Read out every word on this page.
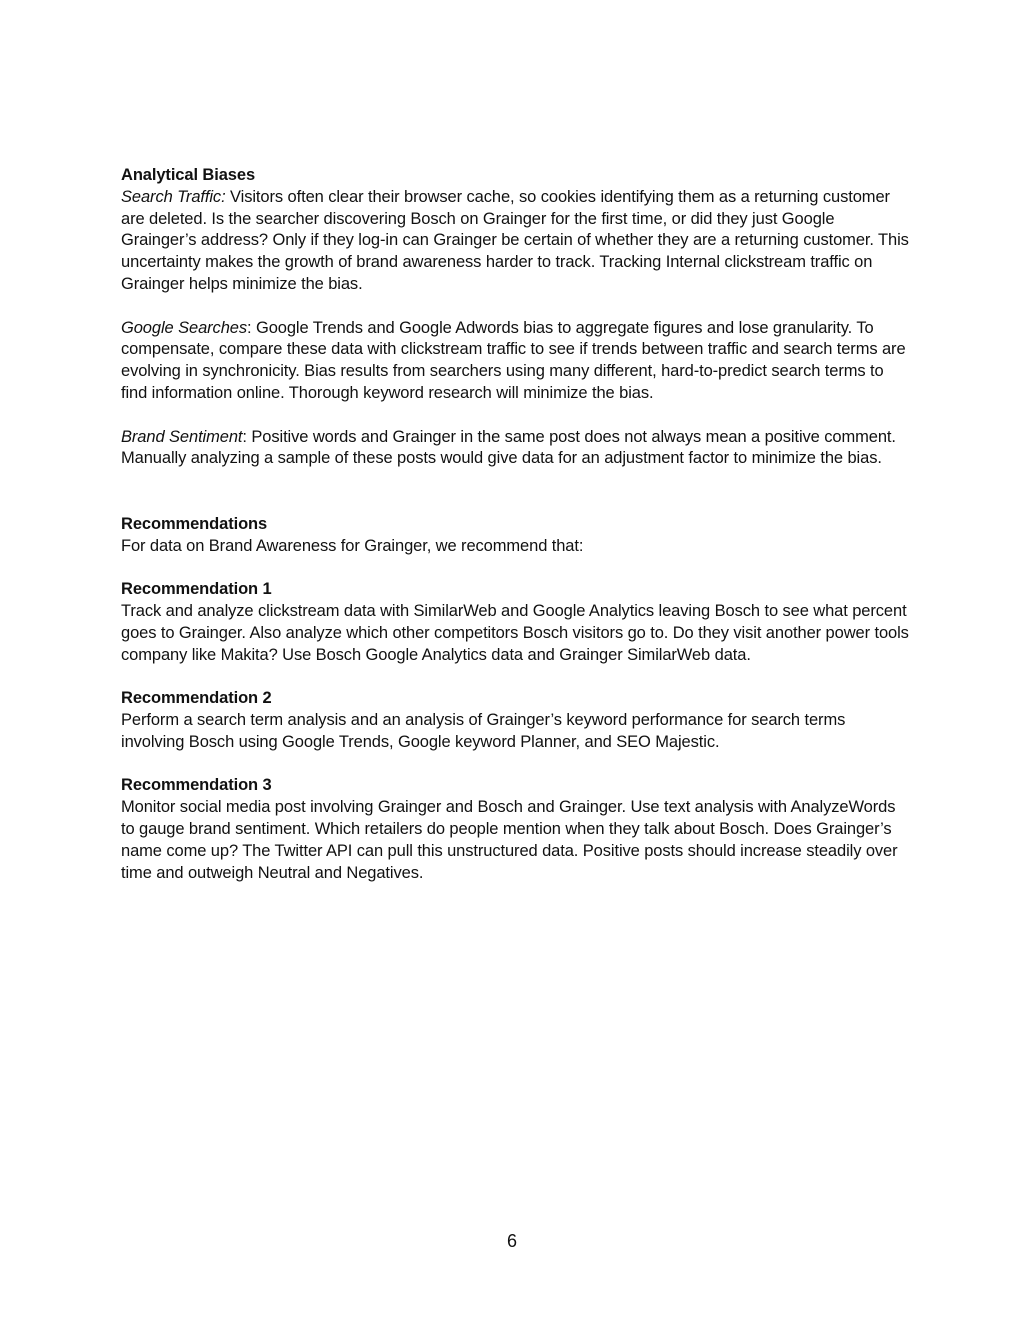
Analytical Biases

Search Traffic: Visitors often clear their browser cache, so cookies identifying them as a returning customer are deleted. Is the searcher discovering Bosch on Grainger for the first time, or did they just Google Grainger’s address? Only if they log-in can Grainger be certain of whether they are a returning customer. This uncertainty makes the growth of brand awareness harder to track. Tracking Internal clickstream traffic on Grainger helps minimize the bias.

Google Searches: Google Trends and Google Adwords bias to aggregate figures and lose granularity. To compensate, compare these data with clickstream traffic to see if trends between traffic and search terms are evolving in synchronicity. Bias results from searchers using many different, hard-to-predict search terms to find information online. Thorough keyword research will minimize the bias.

Brand Sentiment: Positive words and Grainger in the same post does not always mean a positive comment. Manually analyzing a sample of these posts would give data for an adjustment factor to minimize the bias.

Recommendations

For data on Brand Awareness for Grainger, we recommend that:

Recommendation 1

Track and analyze clickstream data with SimilarWeb and Google Analytics leaving Bosch to see what percent goes to Grainger. Also analyze which other competitors Bosch visitors go to. Do they visit another power tools company like Makita? Use Bosch Google Analytics data and Grainger SimilarWeb data.

Recommendation 2

Perform a search term analysis and an analysis of Grainger’s keyword performance for search terms involving Bosch using Google Trends, Google keyword Planner, and SEO Majestic.

Recommendation 3

Monitor social media post involving Grainger and Bosch and Grainger. Use text analysis with AnalyzeWords to gauge brand sentiment. Which retailers do people mention when they talk about Bosch. Does Grainger’s name come up? The Twitter API can pull this unstructured data. Positive posts should increase steadily over time and outweigh Neutral and Negatives.

6
